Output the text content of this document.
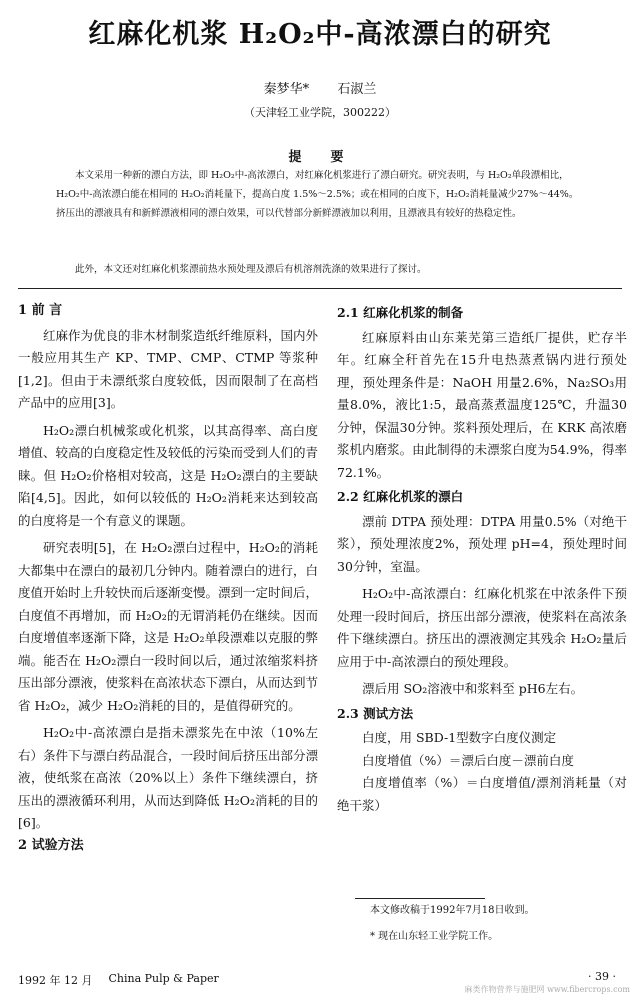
红麻化机浆 H₂O₂中-高浓漂白的研究
秦梦华* 石淑兰
（天津轻工业学院，300222）
提　要

本文采用一种新的漂白方法，即 H₂O₂中-高浓漂白，对红麻化机浆进行了漂白研究。研究表明，与 H₂O₂单段漂相比，H₂O₂中-高浓漂白能在相同的 H₂O₂消耗量下，提高白度 1.5%～2.5%；或在相同的白度下，H₂O₂消耗量减少27%～44%。挤压出的漂液具有和新鲜漂液相同的漂白效果，可以代替部分新鲜漂液加以利用，且漂液具有较好的热稳定性。

此外，本文还对红麻化机浆漂前热水预处理及漂后有机溶剂洗涤的效果进行了探讨。

1 前 言

红麻作为优良的非木材制浆造纸纤维原料，国内外一般应用其生产 KP、TMP、CMP、CTMP 等浆种[1,2]。但由于未漂纸浆白度较低，因而限制了在高档产品中的应用[3]。

H₂O₂漂白机械浆或化机浆，以其高得率、高白度增值、较高的白度稳定性及较低的污染而受到人们的青睐。但 H₂O₂价格相对较高，这是 H₂O₂漂白的主要缺陷[4,5]。因此，如何以较低的 H₂O₂消耗来达到较高的白度将是一个有意义的课题。

研究表明[5]，在 H₂O₂漂白过程中，H₂O₂的消耗大都集中在漂白的最初几分钟内。随着漂白的进行，白度值开始时上升较快而后逐渐变慢。漂到一定时间后，白度值不再增加，而 H₂O₂的无谓消耗仍在继续。因而白度增值率逐渐下降，这是 H₂O₂单段漂难以克服的弊端。能否在 H₂O₂漂白一段时间以后，通过浓缩浆料挤压出部分漂液，使浆料在高浓状态下漂白，从而达到节省 H₂O₂，减少 H₂O₂消耗的目的，是值得研究的。

H₂O₂中-高浓漂白是指未漂浆先在中浓（10%左右）条件下与漂白药品混合，一段时间后挤压出部分漂液，使纸浆在高浓（20%以上）条件下继续漂白，挤压出的漂液循环利用，从而达到降低 H₂O₂消耗的目的[6]。

2 试验方法
2.1 红麻化机浆的制备

红麻原料由山东莱芜第三造纸厂提供，贮存半年。红麻全秆首先在15升电热蒸煮锅内进行预处理，预处理条件是：NaOH 用量2.6%，Na₂SO₃用量8.0%，液比1:5，最高蒸煮温度125℃，升温30分钟，保温30分钟。浆料预处理后，在 KRK 高浓磨浆机内磨浆。由此制得的未漂浆白度为54.9%，得率72.1%。

2.2 红麻化机浆的漂白

漂前 DTPA 预处理：DTPA 用量0.5%（对绝干浆），预处理浓度2%，预处理 pH=4，预处理时间30分钟，室温。

H₂O₂中-高浓漂白：红麻化机浆在中浓条件下预处理一段时间后，挤压出部分漂液，使浆料在高浓条件下继续漂白。挤压出的漂液测定其残余 H₂O₂量后应用于中-高浓漂白的预处理段。

漂后用 SO₂溶液中和浆料至 pH6左右。

2.3 测试方法

白度，用 SBD-1型数字白度仪测定

白度增值（%）＝漂后白度－漂前白度

白度增值率（%）＝白度增值/漂剂消耗量（对绝干浆）

本文修改稿于1992年7月18日收到。
* 现在山东轻工业学院工作。
1992 年 12 月 China Pulp & Paper	· 39 ·
麻类作物营养与施肥网 www.fibercrops.com
